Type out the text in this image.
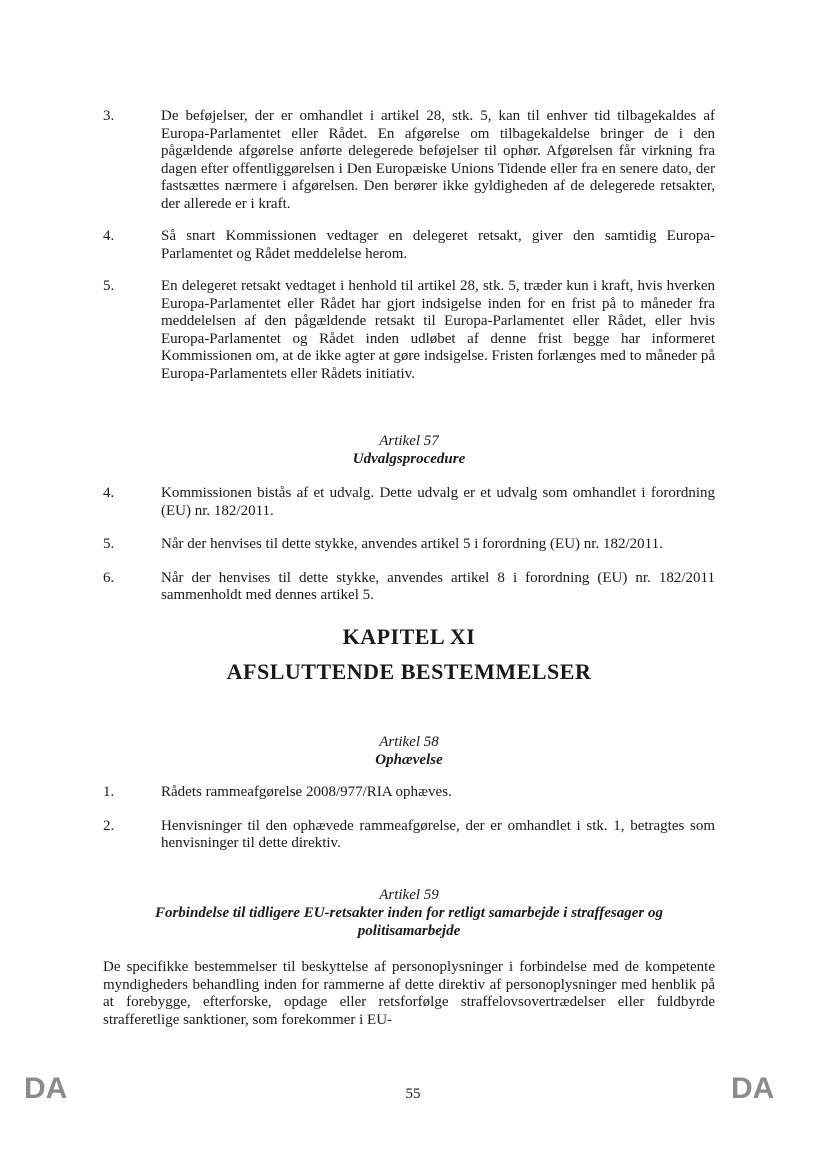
3.	De beføjelser, der er omhandlet i artikel 28, stk. 5, kan til enhver tid tilbagekaldes af Europa-Parlamentet eller Rådet. En afgørelse om tilbagekaldelse bringer de i den pågældende afgørelse anførte delegerede beføjelser til ophør. Afgørelsen får virkning fra dagen efter offentliggørelsen i Den Europæiske Unions Tidende eller fra en senere dato, der fastsættes nærmere i afgørelsen. Den berører ikke gyldigheden af de delegerede retsakter, der allerede er i kraft.
4.	Så snart Kommissionen vedtager en delegeret retsakt, giver den samtidig Europa-Parlamentet og Rådet meddelelse herom.
5.	En delegeret retsakt vedtaget i henhold til artikel 28, stk. 5, træder kun i kraft, hvis hverken Europa-Parlamentet eller Rådet har gjort indsigelse inden for en frist på to måneder fra meddelelsen af den pågældende retsakt til Europa-Parlamentet eller Rådet, eller hvis Europa-Parlamentet og Rådet inden udløbet af denne frist begge har informeret Kommissionen om, at de ikke agter at gøre indsigelse. Fristen forlænges med to måneder på Europa-Parlamentets eller Rådets initiativ.
Artikel 57
Udvalgsprocedure
4.	Kommissionen bistås af et udvalg. Dette udvalg er et udvalg som omhandlet i forordning (EU) nr. 182/2011.
5.	Når der henvises til dette stykke, anvendes artikel 5 i forordning (EU) nr. 182/2011.
6.	Når der henvises til dette stykke, anvendes artikel 8 i forordning (EU) nr. 182/2011 sammenholdt med dennes artikel 5.
KAPITEL XI
AFSLUTTENDE BESTEMMELSER
Artikel 58
Ophævelse
1.	Rådets rammeafgørelse 2008/977/RIA ophæves.
2.	Henvisninger til den ophævede rammeafgørelse, der er omhandlet i stk. 1, betragtes som henvisninger til dette direktiv.
Artikel 59
Forbindelse til tidligere EU-retsakter inden for retligt samarbejde i straffesager og politisamarbejde
De specifikke bestemmelser til beskyttelse af personoplysninger i forbindelse med de kompetente myndigheders behandling inden for rammerne af dette direktiv af personoplysninger med henblik på at forebygge, efterforske, opdage eller retsforfølge straffelovsovertrædelser eller fuldbyrde strafferetlige sanktioner, som forekommer i EU-
DA	55	DA
